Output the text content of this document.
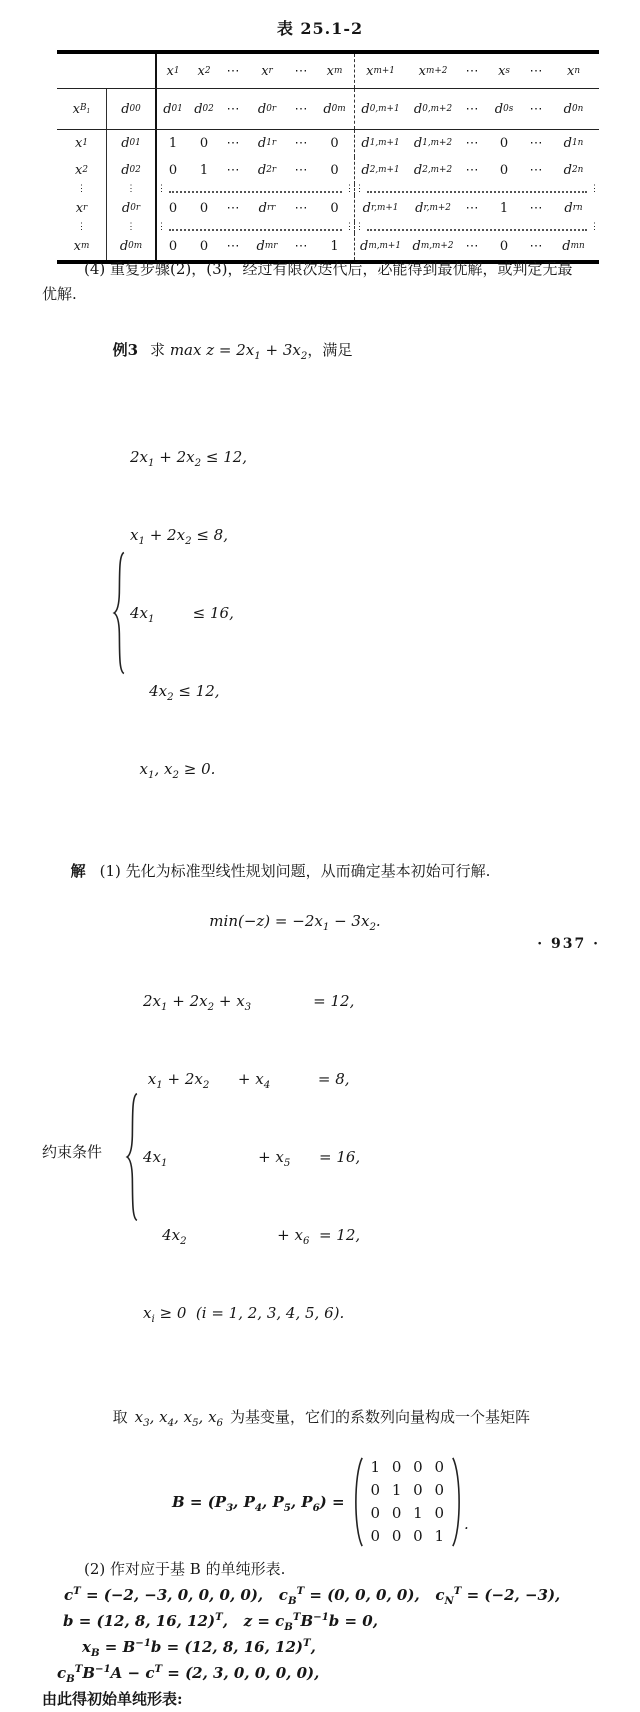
表 25.1-2
x 1	x 2	⋯	x r	⋯	x m	x m+1	x m+2	⋯	x s	⋯	x n
x $B_1$	d 00	d 01 d 02 ⋯	d 0r	⋯	d 0m	d 0,m+1	d 0,m+2	⋯	d 0s	⋯	d 0n
x 1	d 01	1	0	⋯	d 1r	⋯	0	d 1,m+1	d 1,m+2	⋯	0	⋯	d 1n
x 2	d 02	0	1	⋯	d 2r	⋯	0	d 2,m+1	d 2,m+2	⋯	0	⋯	d 2n
⋮	⋮	⋮	⋮ ⋮	⋮
x r	d 0r	0	0	⋯	d rr	⋯	0	d r,m+1	d r,m+2	⋯	1	⋯	d rn
⋮	⋮	⋮	⋮ ⋮	⋮
x m	d 0m	0	0	⋯	d mr	⋯	1	d m,m+1 d m,m+2 ⋯	0	⋯	d mn
(4) 重复步骤(2)，(3)，经过有限次迭代后，必能得到最优解，或判定无最
优解.

例3 求 $\max z = 2x_1 + 3x_2$，满足

$2x_1 + 2x_2 \le 12$,

$x_1 + 2x_2 \le 8$,

$4x_1$        ≤ 16,

$4x_2 \le 12$,

$x_1$, $x_2 \ge 0$.

解 (1) 先化为标准型线性规划问题，从而确定基本初始可行解.

$\min(-z) = -2x_1 - 3x_2$.
约束条件

$2x_1 + 2x_2 + x_3$             = 12,

$x_1 + 2x_2$      + $x_4$          = 8,

$4x_1$                   + $x_5$      = 16,

$4x_2$                   + $x_6 = 12$,

$x_i \ge 0$  (i = 1, 2, 3, 4, 5, 6).

取 $x_3$, $x_4$, $x_5$, $x_6$ 为基变量，它们的系数列向量构成一个基矩阵

$B = (P_3$, $P_4$, $P_5$, $P_6$) =
1 0 0 0
0 1 0 0
0 0 1 0
0 0 0 1
.
(2) 作对应于基 B 的单纯形表.
$c^T = (-2$, −3, 0, 0, 0, 0),   $c_B^T = (0$, 0, 0, 0),   $c_N^T = (-2$, −3),
b = (12, 8, 16, 12)$^T$,   $z = c_B^TB^{-1}b = 0$,
$x_B = B^{-1}b = (12$, 8, 16, 12)$^T$,
$c_B^TB^{-1}A - c^T = (2$, 3, 0, 0, 0, 0),
由此得初始单纯形表:
· 937 ·
